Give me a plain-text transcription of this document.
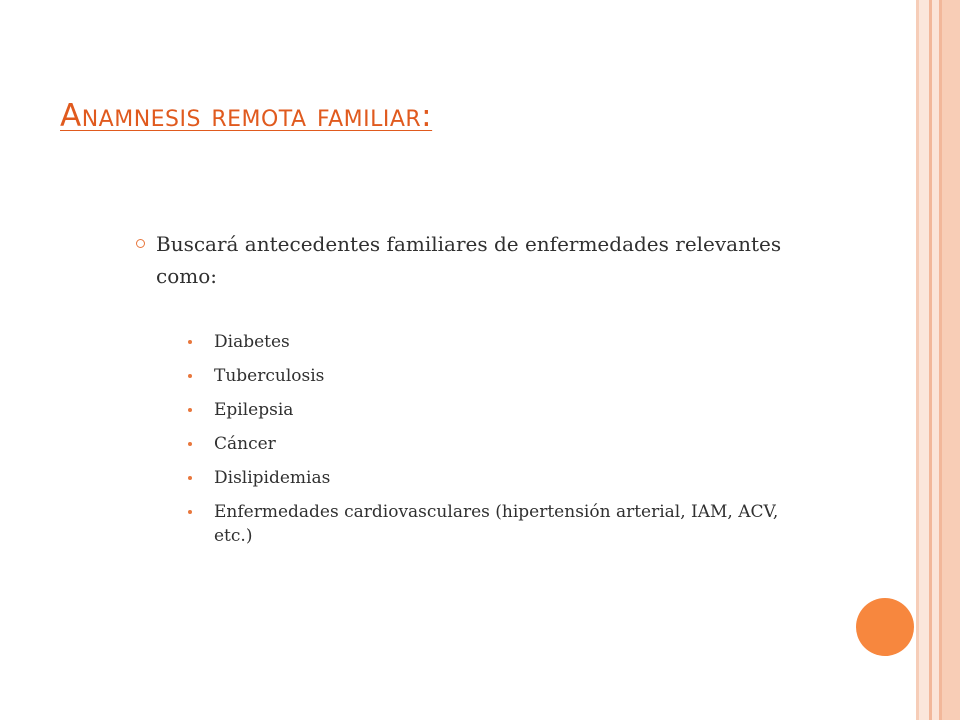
Anamnesis remota familiar:
Buscará antecedentes familiares de enfermedades relevantes como:
Diabetes
Tuberculosis
Epilepsia
Cáncer
Dislipidemias
Enfermedades cardiovasculares (hipertensión arterial, IAM, ACV, etc.)
